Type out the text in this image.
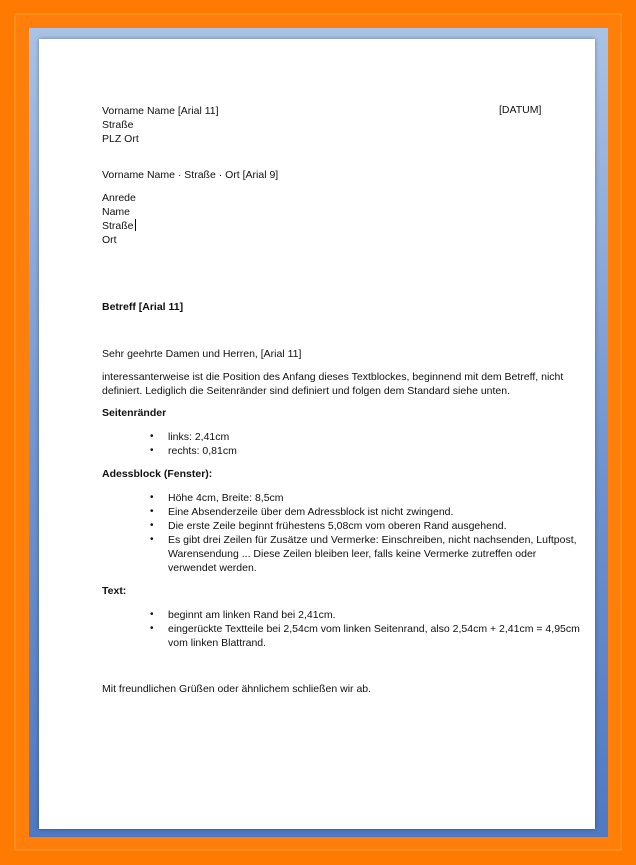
Vorname Name [Arial 11]	[DATUM]
Straße
PLZ Ort
Vorname Name · Straße · Ort [Arial 9]
Anrede
Name
Straße
Ort
Betreff [Arial 11]
Sehr geehrte Damen und Herren, [Arial 11]
interessanterweise ist die Position des Anfang dieses Textblockes, beginnend mit dem Betreff, nicht
definiert. Lediglich die Seitenränder sind definiert und folgen dem Standard siehe unten.
Seitenränder
• links: 2,41cm
• rechts: 0,81cm
Adessblock (Fenster):
• Höhe 4cm, Breite: 8,5cm
• Eine Absenderzeile über dem Adressblock ist nicht zwingend.
• Die erste Zeile beginnt frühestens 5,08cm vom oberen Rand ausgehend.
• Es gibt drei Zeilen für Zusätze und Vermerke: Einschreiben, nicht nachsenden, Luftpost,
Warensendung ... Diese Zeilen bleiben leer, falls keine Vermerke zutreffen oder
verwendet werden.
Text:
• beginnt am linken Rand bei 2,41cm.
• eingerückte Textteile bei 2,54cm vom linken Seitenrand, also 2,54cm + 2,41cm = 4,95cm
vom linken Blattrand.
Mit freundlichen Grüßen oder ähnlichem schließen wir ab.
